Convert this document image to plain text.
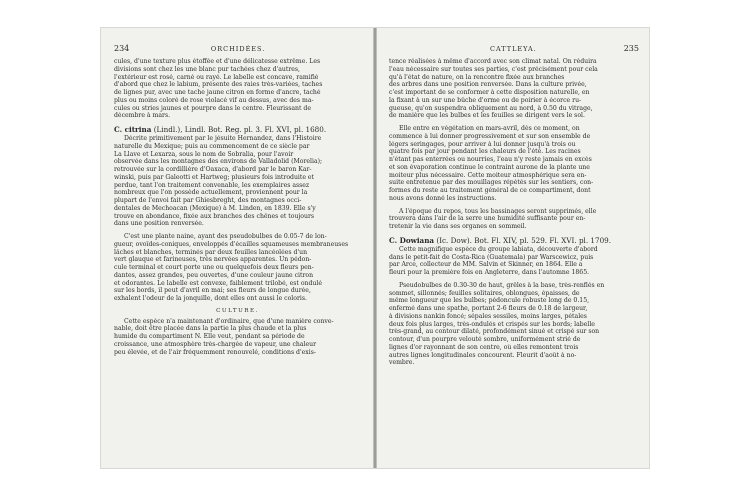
234	ORCHIDÉES.
cules, d'une texture plus étoffée et d'une délicatesse extrême. Les
divisions sont chez les une blanc pur tachées chez d'autres,
l'extérieur est rosé, carné ou rayé. Le labelle est concave, ramifié
d'abord que chez le labium, présente des raies très-variées, taches
de lignes pur, avec une tache jaune citron en forme d'ancre, taché
plus ou moins coloré de rose violacé vif au dessus, avec des ma-
cules ou stries jaunes et pourpre dans le centre. Fleurissant de
décembre à mars.
C. citrina (Lindl.), Lindl. Bot. Reg. pl. 3. Fl. XVI, pl. 1680.
Décrite primitivement par le jésuite Hernandez, dans l'Histoire
naturelle du Mexique; puis au commencement de ce siècle par
La Llave et Lexarza, sous le nom de Sobralia, pour l'avoir
observée dans les montagnes des environs de Valladolid (Morelia);
retrouvée sur la cordillière d'Oaxaca, d'abord par le baron Kar-
winski, puis par Galeotti et Hartweg; plusieurs fois introduite et
perdue, tant l'on traitement convenable, les exemplaires assez
nombreux que l'on possède actuellement, proviennent pour la
plupart de l'envoi fait par Ghiesbreght, des montagnes occi-
dentales de Mechoacan (Mexique) à M. Linden, en 1839. Elle s'y
trouve en abondance, fixée aux branches des chênes et toujours
dans une position renversée.
C'est une plante naine, ayant des pseudobulbes de 0.05-7 de lon-
gueur, ovoïdes-coniques, enveloppés d'écailles squameuses membraneuses
lâches et blanches, terminés par deux feuilles lancéolées d'un
vert glauque et farineuses, très nervées apparentes. Un pédon-
cule terminal et court porte une ou quelquefois deux fleurs pen-
dantes, assez grandes, peu ouvertes, d'une couleur jaune citron
et odorantes. Le labelle est convexe, faiblement trilobé, est ondulé
sur les bords, il peut d'avril en mai; ses fleurs de longue durée,
exhalent l'odeur de la jonquille, dont elles ont aussi le coloris.
CULTURE.
Cette espèce n'a maintenant d'ordinaire, que d'une manière conve-
nable, doit être placée dans la partie la plus chaude et la plus
humide du compartiment N. Elle veut, pendant sa période de
croissance, une atmosphère très-chargée de vapeur, une chaleur
peu élevée, et de l'air fréquemment renouvelé, conditions d'exis-
CATTLEYA.	235
tence réalisées à même d'accord avec son climat natal. On réduira
l'eau nécessaire sur toutes ses parties, c'est précisément pour cela
qu'à l'état de nature, on la rencontre fixée aux branches
des arbres dans une position renversée. Dans la culture privée,
c'est important de se conformer à cette disposition naturelle, en
la fixant à un sur une bûche d'orme ou de poirier à écorce ru-
gueuse, qu'on suspendra obliquement au nord, à 0.50 du vitrage,
de manière que les bulbes et les feuilles se dirigent vers le sol.
Elle entre en végétation en mars-avril, dès ce moment, on
commence à lui donner progressivement et sur son ensemble de
légers seringages, pour arriver à lui donner jusqu'à trois ou
quatre fois par jour pendant les chaleurs de l'été. Les racines
n'étant pas enterrées ou nourries, l'eau n'y reste jamais en excès
et son évaporation continue le contraint aurone de la plante une
moiteur plus nécessaire. Cette moiteur atmosphérique sera en-
suite entretenue par des mouillages répétés sur les sentiers, con-
formes du reste au traitement général de ce compartiment, dont
nous avons donné les instructions.
A l'époque du repos, tous les bassinages seront supprimés, elle
trouvera dans l'air de la serre une humidité suffisante pour en-
tretenir la vie dans ses organes en sommeil.
C. Dowiana (Ic. Dow). Bot. Fl. XIV, pl. 529. Fl. XVI. pl. 1709.
Cette magnifique espèce du groupe labiata, découverte d'abord
dans le petit-fait de Costa-Rica (Guatemala) par Warscewicz, puis
par Arce, collecteur de MM. Salvin et Skinner, en 1864. Elle a
fleuri pour la première fois en Angleterre, dans l'automne 1865.
Pseudobulbes de 0.30-30 de haut, grêles à la base, très-renflés en
sommet, sillonnés; feuilles solitaires, oblongues, épaisses, de
même longueur que les bulbes; pédoncule robuste long de 0.15,
enfermé dans une spathe, portant 2-6 fleurs de 0.18 de largeur,
à divisions nankin foncé; sépales sessiles, moins larges, pétales
deux fois plus larges, très-ondulés et crispés sur les bords; labelle
très-grand, au contour dilaté, profondément sinué et crispé sur son
contour, d'un pourpre velouté sombre, uniformément strié de
lignes d'or rayonnant de son centre, où elles remontent trois
autres lignes longitudinales concourent. Fleurit d'août à no-
vembre.
